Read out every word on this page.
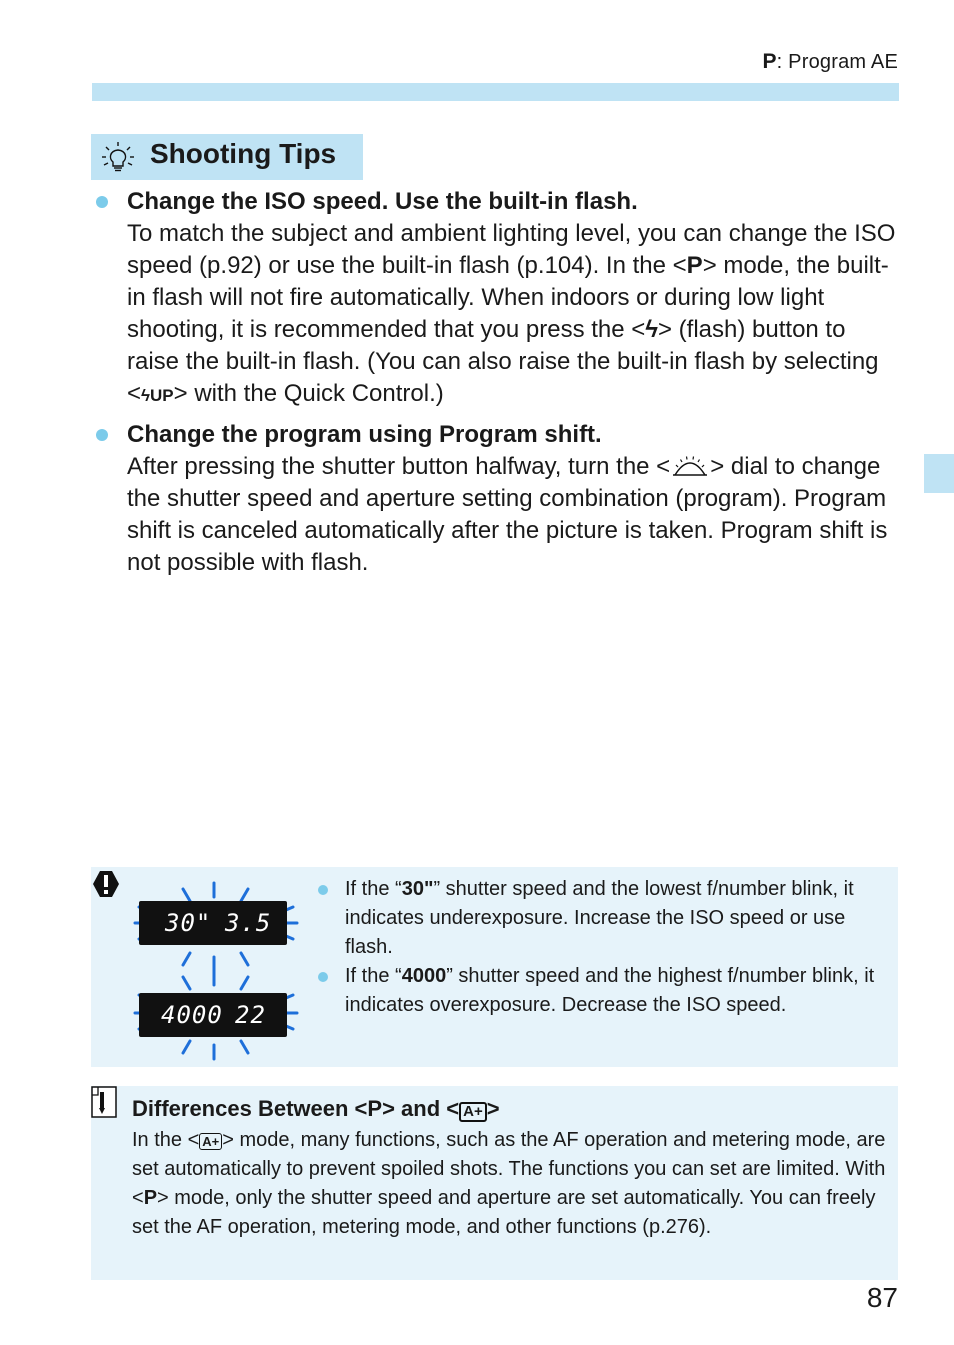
P: Program AE
Shooting Tips
Change the ISO speed. Use the built-in flash.
To match the subject and ambient lighting level, you can change the ISO speed (p.92) or use the built-in flash (p.104). In the <P> mode, the built-in flash will not fire automatically. When indoors or during low light shooting, it is recommended that you press the <ϟ> (flash) button to raise the built-in flash. (You can also raise the built-in flash by selecting <ϟUP> with the Quick Control.)
Change the program using Program shift.
After pressing the shutter button halfway, turn the < > dial to change the shutter speed and aperture setting combination (program). Program shift is canceled automatically after the picture is taken. Program shift is not possible with flash.
30" 3.5
4000 22
If the “30"” shutter speed and the lowest f/number blink, it indicates underexposure. Increase the ISO speed or use flash.
If the “4000” shutter speed and the highest f/number blink, it indicates overexposure. Decrease the ISO speed.
Differences Between <P> and < A+ >
In the < A+ > mode, many functions, such as the AF operation and metering mode, are set automatically to prevent spoiled shots. The functions you can set are limited. With <P> mode, only the shutter speed and aperture are set automatically. You can freely set the AF operation, metering mode, and other functions (p.276).
87
